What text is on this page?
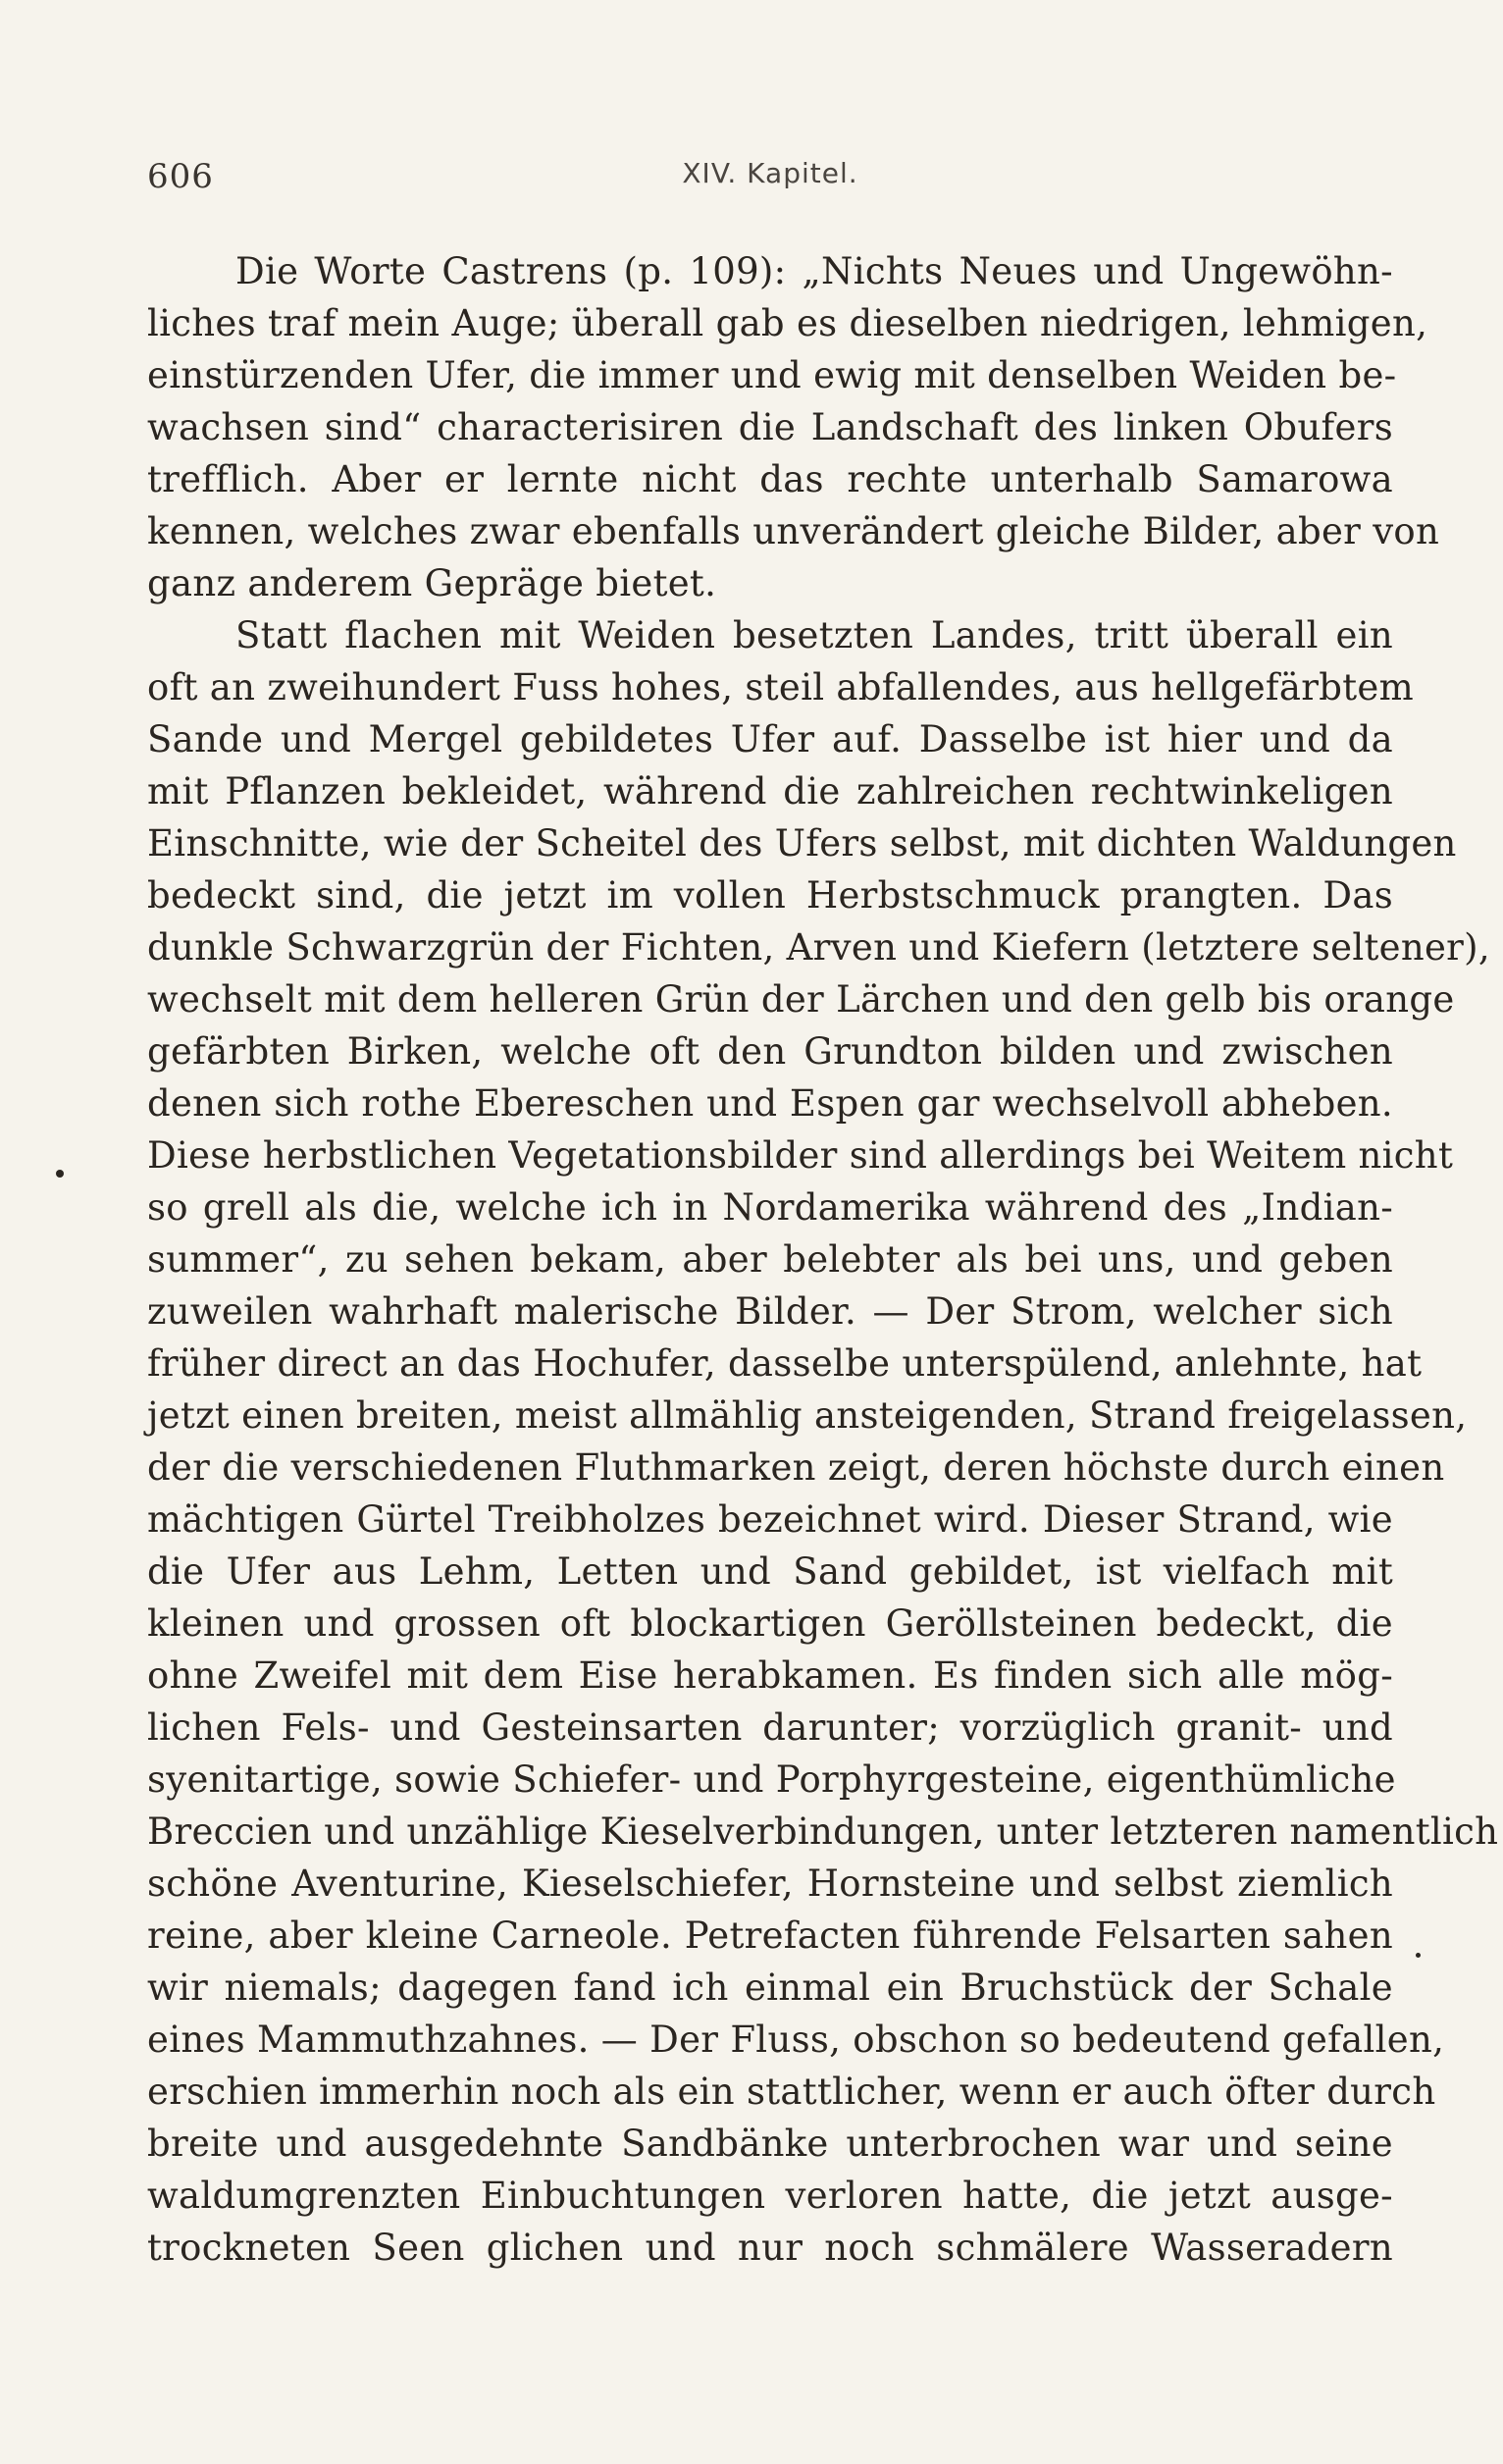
606	XIV. Kapitel.
Die Worte Castrens (p. 109): „Nichts Neues und Ungewöhn-
liches traf mein Auge; überall gab es dieselben niedrigen, lehmigen,
einstürzenden Ufer, die immer und ewig mit denselben Weiden be-
wachsen sind“ characterisiren die Landschaft des linken Obufers
trefflich. Aber er lernte nicht das rechte unterhalb Samarowa
kennen, welches zwar ebenfalls unverändert gleiche Bilder, aber von
ganz anderem Gepräge bietet.
Statt flachen mit Weiden besetzten Landes, tritt überall ein
oft an zweihundert Fuss hohes, steil abfallendes, aus hellgefärbtem
Sande und Mergel gebildetes Ufer auf. Dasselbe ist hier und da
mit Pflanzen bekleidet, während die zahlreichen rechtwinkeligen
Einschnitte, wie der Scheitel des Ufers selbst, mit dichten Waldungen
bedeckt sind, die jetzt im vollen Herbstschmuck prangten. Das
dunkle Schwarzgrün der Fichten, Arven und Kiefern (letztere seltener),
wechselt mit dem helleren Grün der Lärchen und den gelb bis orange
gefärbten Birken, welche oft den Grundton bilden und zwischen
denen sich rothe Ebereschen und Espen gar wechselvoll abheben.
Diese herbstlichen Vegetationsbilder sind allerdings bei Weitem nicht
so grell als die, welche ich in Nordamerika während des „Indian-
summer“, zu sehen bekam, aber belebter als bei uns, und geben
zuweilen wahrhaft malerische Bilder. — Der Strom, welcher sich
früher direct an das Hochufer, dasselbe unterspülend, anlehnte, hat
jetzt einen breiten, meist allmählig ansteigenden, Strand freigelassen,
der die verschiedenen Fluthmarken zeigt, deren höchste durch einen
mächtigen Gürtel Treibholzes bezeichnet wird. Dieser Strand, wie
die Ufer aus Lehm, Letten und Sand gebildet, ist vielfach mit
kleinen und grossen oft blockartigen Geröllsteinen bedeckt, die
ohne Zweifel mit dem Eise herabkamen. Es finden sich alle mög-
lichen Fels- und Gesteinsarten darunter; vorzüglich granit- und
syenitartige, sowie Schiefer- und Porphyrgesteine, eigenthümliche
Breccien und unzählige Kieselverbindungen, unter letzteren namentlich
schöne Aventurine, Kieselschiefer, Hornsteine und selbst ziemlich
reine, aber kleine Carneole. Petrefacten führende Felsarten sahen
wir niemals; dagegen fand ich einmal ein Bruchstück der Schale
eines Mammuthzahnes. — Der Fluss, obschon so bedeutend gefallen,
erschien immerhin noch als ein stattlicher, wenn er auch öfter durch
breite und ausgedehnte Sandbänke unterbrochen war und seine
waldumgrenzten Einbuchtungen verloren hatte, die jetzt ausge-
trockneten Seen glichen und nur noch schmälere Wasseradern
